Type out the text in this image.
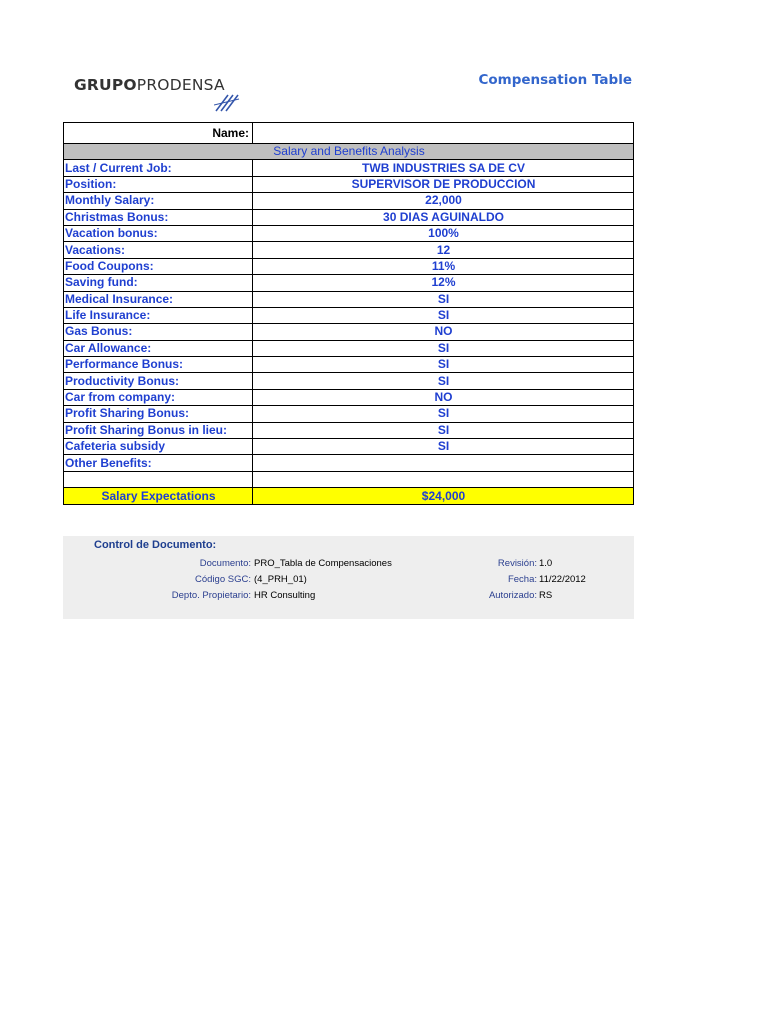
GRUPOPRODENSA	Compensation Table
Name:	
Salary and Benefits Analysis	
Last / Current Job:	TWB INDUSTRIES SA DE CV
Position:	SUPERVISOR DE PRODUCCION
Monthly Salary:	22,000
Christmas Bonus:	30 DIAS AGUINALDO
Vacation bonus:	100%
Vacations:	12
Food Coupons:	11%
Saving fund:	12%
Medical Insurance:	SI
Life Insurance:	SI
Gas Bonus:	NO
Car Allowance:	SI
Performance Bonus:	SI
Productivity Bonus:	SI
Car from company:	NO
Profit Sharing Bonus:	SI
Profit Sharing Bonus in lieu:	SI
Cafeteria subsidy	SI
Other Benefits:	

Salary Expectations	$24,000
Control de Documento:
Documento: PRO_Tabla de Compensaciones	Revisión: 1.0
Código SGC: (4_PRH_01)	Fecha: 11/22/2012
Depto. Propietario: HR Consulting	Autorizado: RS
